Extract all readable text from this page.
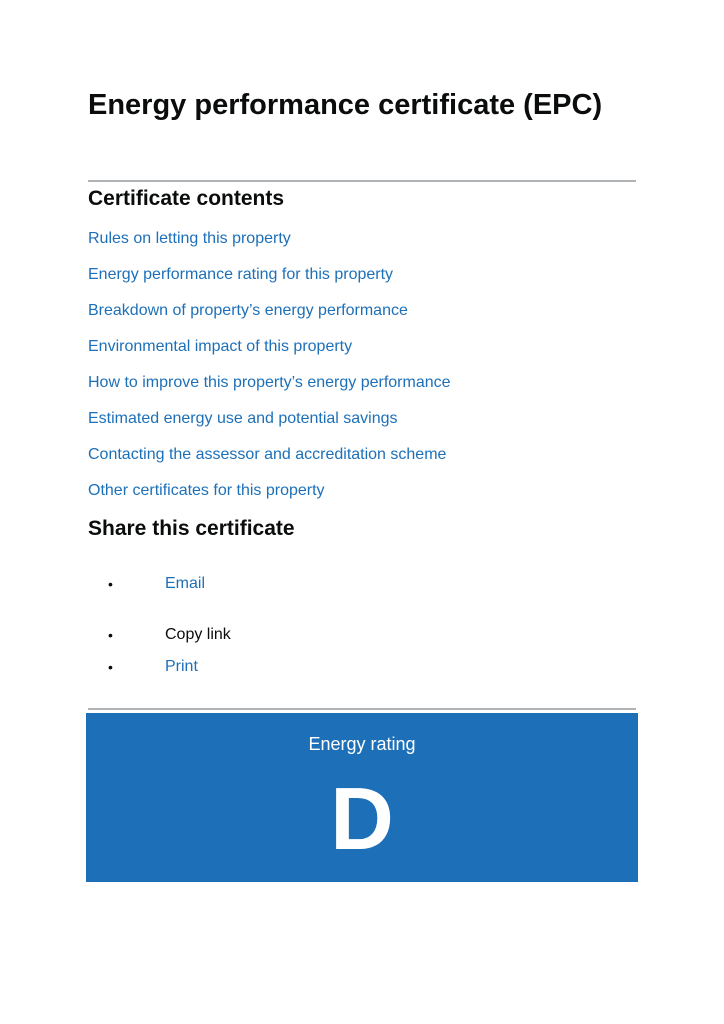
Energy performance certificate (EPC)
Certificate contents
Rules on letting this property
Energy performance rating for this property
Breakdown of property’s energy performance
Environmental impact of this property
How to improve this property’s energy performance
Estimated energy use and potential savings
Contacting the assessor and accreditation scheme
Other certificates for this property
Share this certificate
•	Email
•	Copy link
•	Print
Energy rating
D
